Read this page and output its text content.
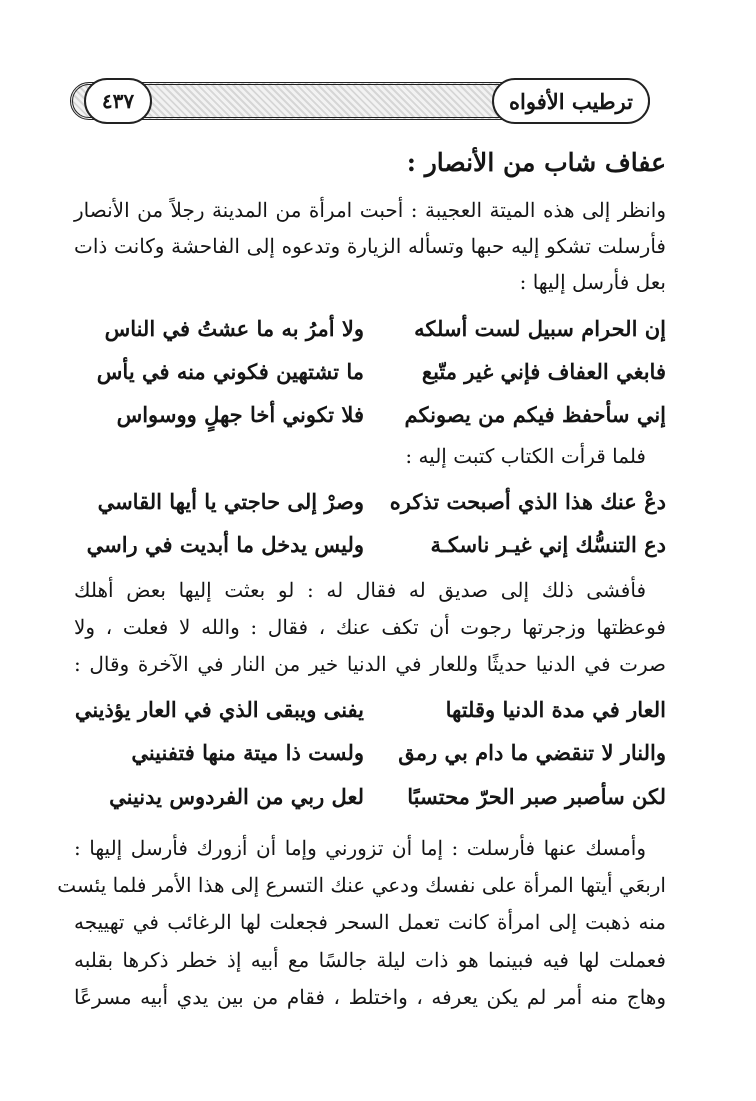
ترطيب الأفواه
٤٣٧
عفاف شاب من الأنصار :
وانظر إلى هذه الميتة العجيبة : أحبت امرأة من المدينة رجلاً من الأنصار
فأرسلت تشكو إليه حبها وتسأله الزيارة وتدعوه إلى الفاحشة وكانت ذات
بعل فأرسل إليها :
إن الحرام سبيل لست أسلكه
ولا أمرُ به ما عشتُ في الناس
فابغي العفاف فإني غير متّبع
ما تشتهين فكوني منه في يأس
إني سأحفظ فيكم من يصونكم
فلا تكوني أخا جهلٍ ووسواس
فلما قرأت الكتاب كتبت إليه :
دعْ عنك هذا الذي أصبحت تذكره
وصرْ إلى حاجتي يا أيها القاسي
دع التنسُّك إني غيـر ناسكـة
وليس يدخل ما أبديت في راسي
فأفشى ذلك إلى صديق له فقال له : لو بعثت إليها بعض أهلك
فوعظتها وزجرتها رجوت أن تكف عنك ، فقال : والله لا فعلت ، ولا
صرت في الدنيا حديثًا وللعار في الدنيا خير من النار في الآخرة وقال :
العار في مدة الدنيا وقلتها
يفنى ويبقى الذي في العار يؤذيني
والنار لا تنقضي ما دام بي رمق
ولست ذا ميتة منها فتفنيني
لكن سأصبر صبر الحرّ محتسبًا
لعل ربي من الفردوس يدنيني
وأمسك عنها فأرسلت : إما أن تزورني وإما أن أزورك فأرسل إليها :
اربعَي أيتها المرأة على نفسك ودعي عنك التسرع إلى هذا الأمر فلما يئست
منه ذهبت إلى امرأة كانت تعمل السحر فجعلت لها الرغائب في تهييجه
فعملت لها فيه فبينما هو ذات ليلة جالسًا مع أبيه إذ خطر ذكرها بقلبه
وهاج منه أمر لم يكن يعرفه ، واختلط ، فقام من بين يدي أبيه مسرعًا
